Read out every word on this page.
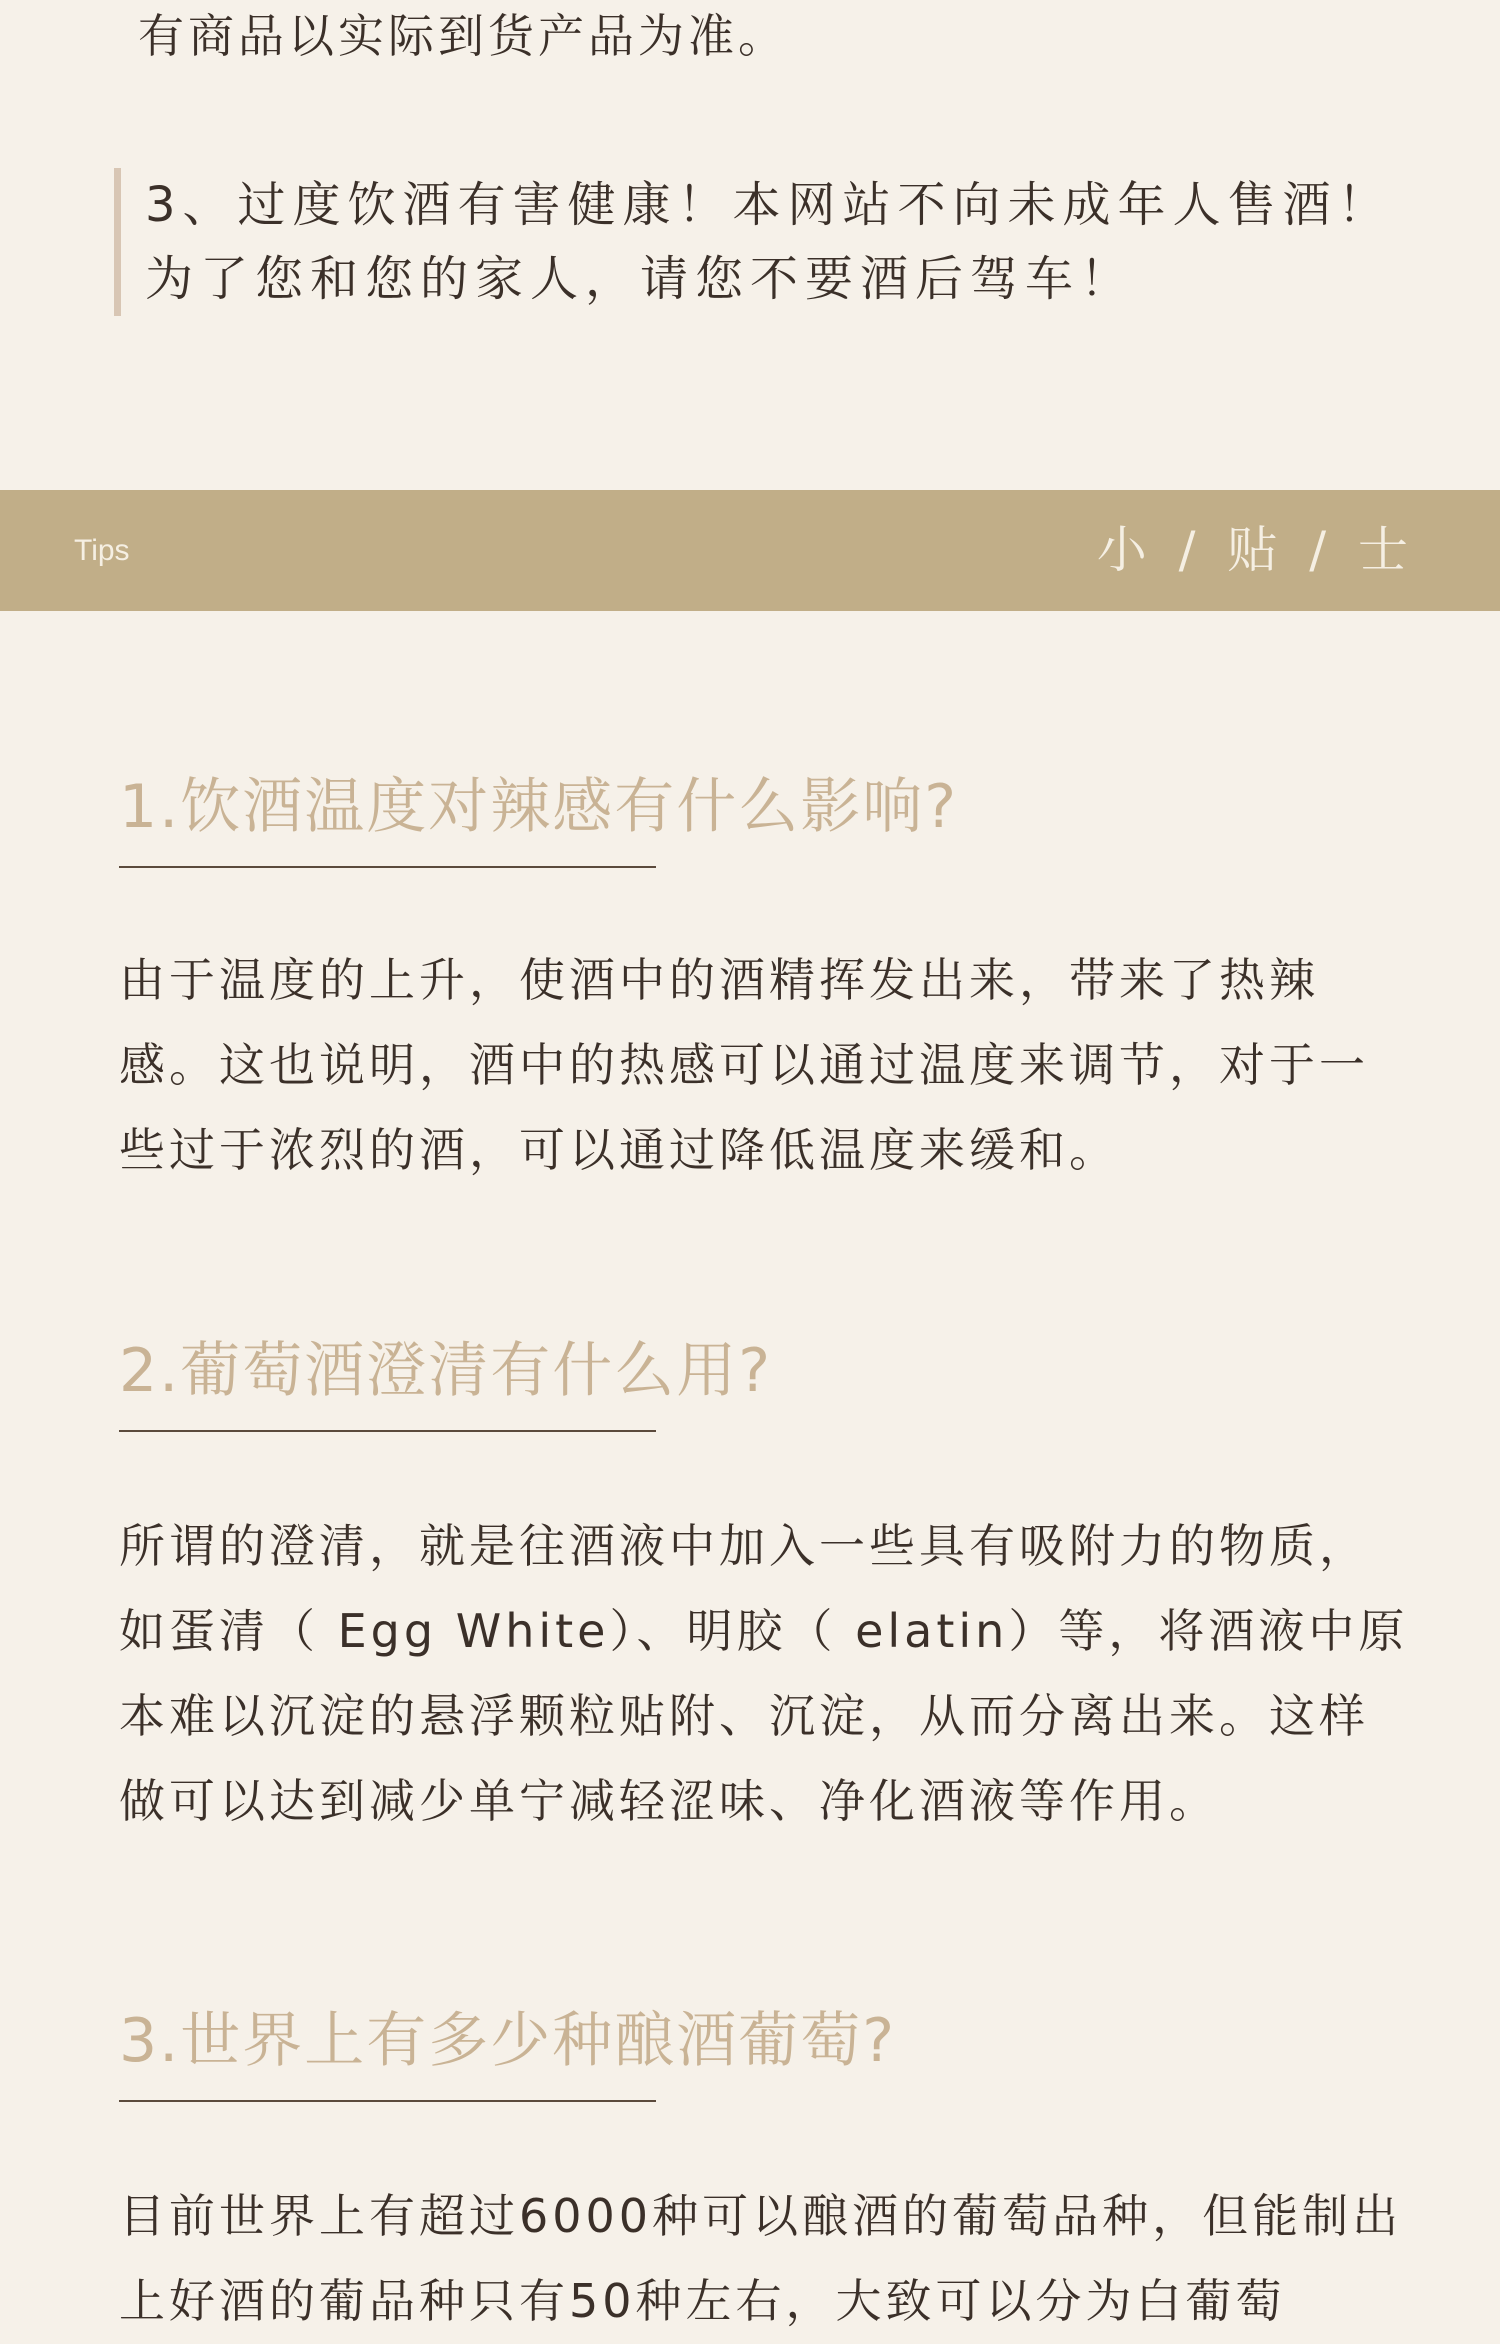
有商品以实际到货产品为准。
3、过度饮酒有害健康！本网站不向未成年人售酒！
为了您和您的家人，请您不要酒后驾车！
Tips	小 / 贴 / 士
1.饮酒温度对辣感有什么影响?
由于温度的上升，使酒中的酒精挥发出来，带来了热辣感。这也说明，酒中的热感可以通过温度来调节，对于一些过于浓烈的酒，可以通过降低温度来缓和。
2.葡萄酒澄清有什么用?
所谓的澄清，就是往酒液中加入一些具有吸附力的物质，如蛋清（ Egg White）、明胶（ elatin）等，将酒液中原本难以沉淀的悬浮颗粒贴附、沉淀，从而分离出来。这样做可以达到减少单宁减轻涩味、净化酒液等作用。
3.世界上有多少种酿酒葡萄?
目前世界上有超过6000种可以酿酒的葡萄品种，但能制出上好酒的葡品种只有50种左右，大致可以分为白葡萄
